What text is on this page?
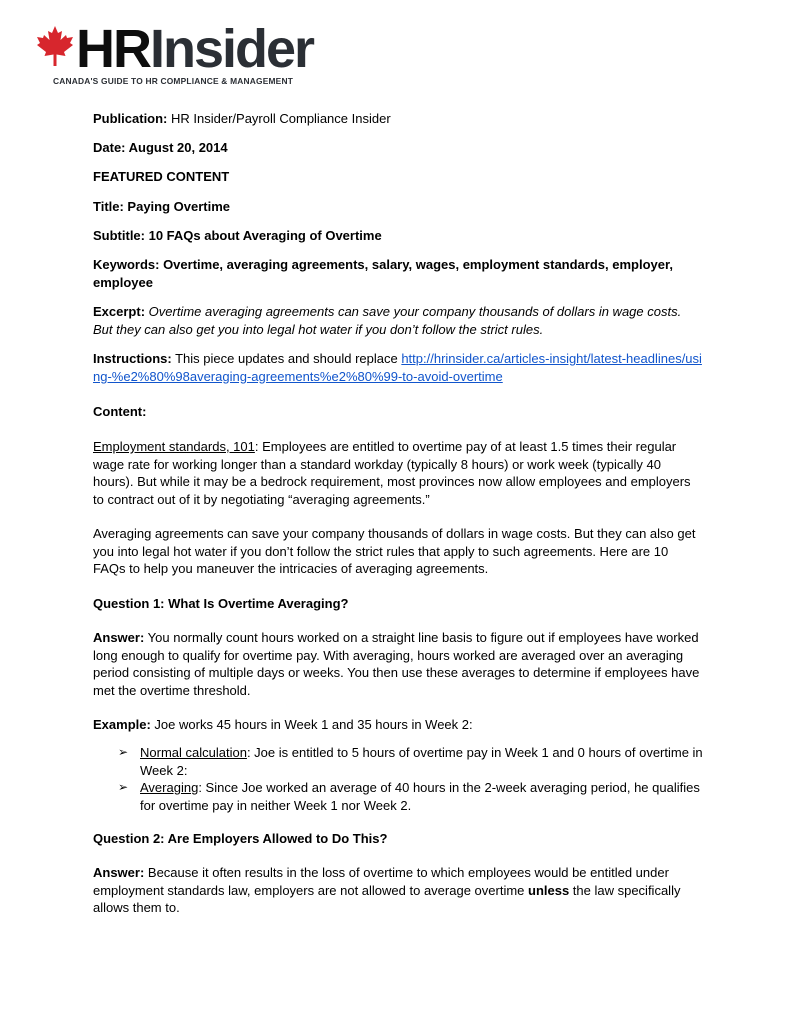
HRInsider
CANADA'S GUIDE TO HR COMPLIANCE & MANAGEMENT
Publication: HR Insider/Payroll Compliance Insider
Date: August 20, 2014
FEATURED CONTENT
Title: Paying Overtime
Subtitle: 10 FAQs about Averaging of Overtime
Keywords: Overtime, averaging agreements, salary, wages, employment standards, employer,
employee
Excerpt: Overtime averaging agreements can save your company thousands of dollars in wage costs. But they can also get you into legal hot water if you don’t follow the strict rules.
Instructions: This piece updates and should replace http://hrinsider.ca/articles-insight/latest-headlines/using-%e2%80%98averaging-agreements%e2%80%99-to-avoid-overtime
Content:
Employment standards, 101: Employees are entitled to overtime pay of at least 1.5 times their regular wage rate for working longer than a standard workday (typically 8 hours) or work week (typically 40 hours). But while it may be a bedrock requirement, most provinces now allow employees and employers to contract out of it by negotiating “averaging agreements.”
Averaging agreements can save your company thousands of dollars in wage costs. But they can also get you into legal hot water if you don’t follow the strict rules that apply to such agreements. Here are 10 FAQs to help you maneuver the intricacies of averaging agreements.
Question 1: What Is Overtime Averaging?
Answer: You normally count hours worked on a straight line basis to figure out if employees have worked long enough to qualify for overtime pay. With averaging, hours worked are averaged over an averaging period consisting of multiple days or weeks. You then use these averages to determine if employees have met the overtime threshold.
Example: Joe works 45 hours in Week 1 and 35 hours in Week 2:
➢ Normal calculation: Joe is entitled to 5 hours of overtime pay in Week 1 and 0 hours of overtime in Week 2:
➢ Averaging: Since Joe worked an average of 40 hours in the 2-week averaging period, he qualifies for overtime pay in neither Week 1 nor Week 2.
Question 2: Are Employers Allowed to Do This?
Answer: Because it often results in the loss of overtime to which employees would be entitled under employment standards law, employers are not allowed to average overtime unless the law specifically allows them to.
